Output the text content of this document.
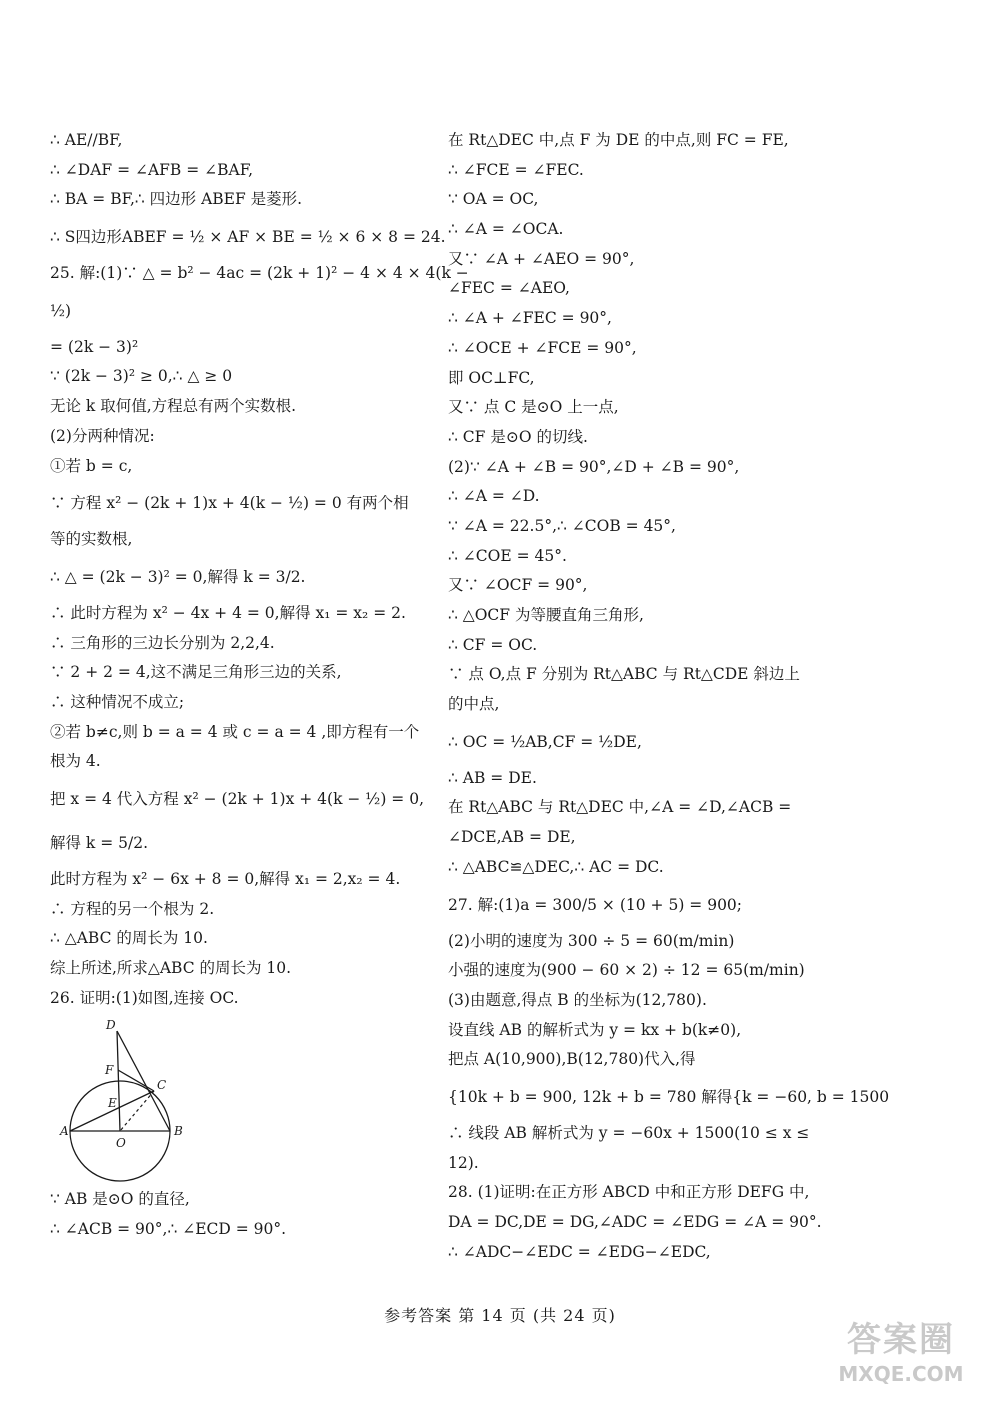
∴ AE//BF,
∴ ∠DAF = ∠AFB = ∠BAF,
∴ BA = BF,∴ 四边形 ABEF 是菱形.
∴ S四边形ABEF = ½ × AF × BE = ½ × 6 × 8 = 24.
25. 解:(1)∵ △ = b² − 4ac = (2k + 1)² − 4 × 4 × 4(k −
½)
= (2k − 3)²
∵ (2k − 3)² ≥ 0,∴ △ ≥ 0
无论 k 取何值,方程总有两个实数根.
(2)分两种情况:
①若 b = c,
∵ 方程 x² − (2k + 1)x + 4(k − ½) = 0 有两个相
等的实数根,
∴ △ = (2k − 3)² = 0,解得 k = 3/2.
∴ 此时方程为 x² − 4x + 4 = 0,解得 x₁ = x₂ = 2.
∴ 三角形的三边长分别为 2,2,4.
∵ 2 + 2 = 4,这不满足三角形三边的关系,
∴ 这种情况不成立;
②若 b≠c,则 b = a = 4 或 c = a = 4 ,即方程有一个
根为 4.
把 x = 4 代入方程 x² − (2k + 1)x + 4(k − ½) = 0,
解得 k = 5/2.
此时方程为 x² − 6x + 8 = 0,解得 x₁ = 2,x₂ = 4.
∴ 方程的另一个根为 2.
∴ △ABC 的周长为 10.
综上所述,所求△ABC 的周长为 10.
26. 证明:(1)如图,连接 OC.
D
F
C
E
A
O
B
∵ AB 是⊙O 的直径,
∴ ∠ACB = 90°,∴ ∠ECD = 90°.
在 Rt△DEC 中,点 F 为 DE 的中点,则 FC = FE,
∴ ∠FCE = ∠FEC.
∵ OA = OC,
∴ ∠A = ∠OCA.
又∵ ∠A + ∠AEO = 90°,
∠FEC = ∠AEO,
∴ ∠A + ∠FEC = 90°,
∴ ∠OCE + ∠FCE = 90°,
即 OC⊥FC,
又∵ 点 C 是⊙O 上一点,
∴ CF 是⊙O 的切线.
(2)∵ ∠A + ∠B = 90°,∠D + ∠B = 90°,
∴ ∠A = ∠D.
∵ ∠A = 22.5°,∴ ∠COB = 45°,
∴ ∠COE = 45°.
又∵ ∠OCF = 90°,
∴ △OCF 为等腰直角三角形,
∴ CF = OC.
∵ 点 O,点 F 分别为 Rt△ABC 与 Rt△CDE 斜边上
的中点,
∴ OC = ½AB,CF = ½DE,
∴ AB = DE.
在 Rt△ABC 与 Rt△DEC 中,∠A = ∠D,∠ACB =
∠DCE,AB = DE,
∴ △ABC≌△DEC,∴ AC = DC.
27. 解:(1)a = 300/5 × (10 + 5) = 900;
(2)小明的速度为 300 ÷ 5 = 60(m/min)
小强的速度为(900 − 60 × 2) ÷ 12 = 65(m/min)
(3)由题意,得点 B 的坐标为(12,780).
设直线 AB 的解析式为 y = kx + b(k≠0),
把点 A(10,900),B(12,780)代入,得
{10k + b = 900, 12k + b = 780 解得{k = −60, b = 1500
∴ 线段 AB 解析式为 y = −60x + 1500(10 ≤ x ≤
12).
28. (1)证明:在正方形 ABCD 中和正方形 DEFG 中,
DA = DC,DE = DG,∠ADC = ∠EDG = ∠A = 90°.
∴ ∠ADC−∠EDC = ∠EDG−∠EDC,
参考答案 第 14 页 (共 24 页)
答案圈
MXQE.COM
